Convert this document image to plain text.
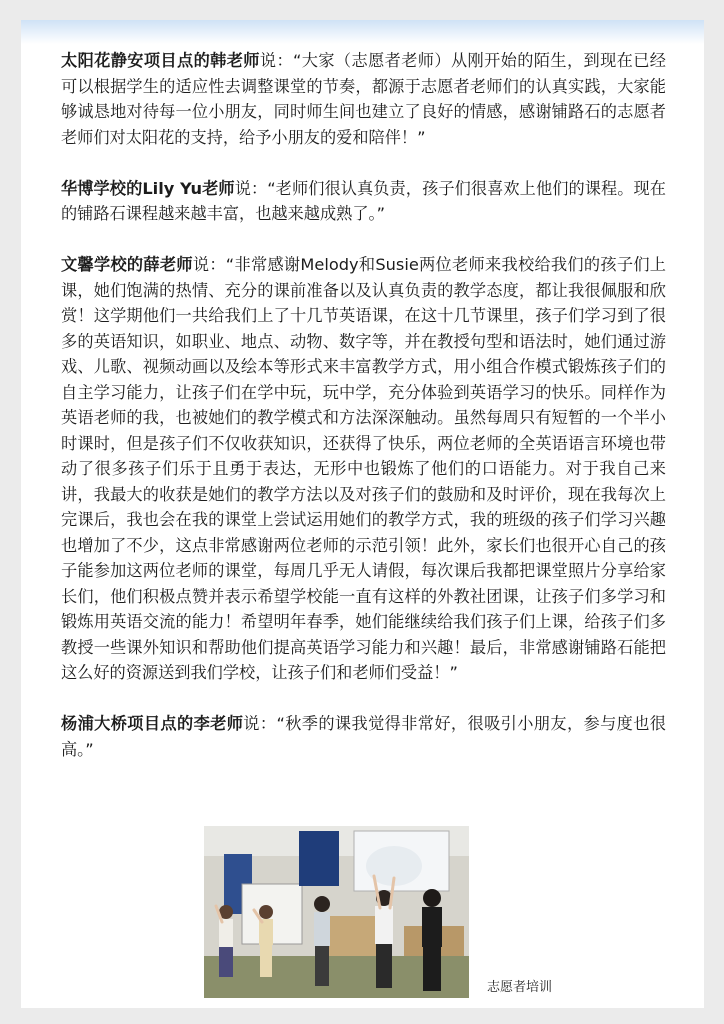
太阳花静安项目点的韩老师说：“大家（志愿者老师）从刚开始的陌生，到现在已经可以根据学生的适应性去调整课堂的节奏，都源于志愿者老师们的认真实践，大家能够诚恳地对待每一位小朋友，同时师生间也建立了良好的情感，感谢铺路石的志愿者老师们对太阳花的支持，给予小朋友的爱和陪伴！”

华博学校的Lily Yu老师说：“老师们很认真负责，孩子们很喜欢上他们的课程。现在的铺路石课程越来越丰富，也越来越成熟了。”

文馨学校的薛老师说：“非常感谢Melody和Susie两位老师来我校给我们的孩子们上课，她们饱满的热情、充分的课前准备以及认真负责的教学态度，都让我很佩服和欣赏！这学期他们一共给我们上了十几节英语课，在这十几节课里，孩子们学习到了很多的英语知识，如职业、地点、动物、数字等，并在教授句型和语法时，她们通过游戏、儿歌、视频动画以及绘本等形式来丰富教学方式，用小组合作模式锻炼孩子们的自主学习能力，让孩子们在学中玩，玩中学，充分体验到英语学习的快乐。同样作为英语老师的我，也被她们的教学模式和方法深深触动。虽然每周只有短暂的一个半小时课时，但是孩子们不仅收获知识，还获得了快乐，两位老师的全英语语言环境也带动了很多孩子们乐于且勇于表达，无形中也锻炼了他们的口语能力。对于我自己来讲，我最大的收获是她们的教学方法以及对孩子们的鼓励和及时评价，现在我每次上完课后，我也会在我的课堂上尝试运用她们的教学方式，我的班级的孩子们学习兴趣也增加了不少，这点非常感谢两位老师的示范引领！此外，家长们也很开心自己的孩子能参加这两位老师的课堂，每周几乎无人请假，每次课后我都把课堂照片分享给家长们，他们积极点赞并表示希望学校能一直有这样的外教社团课，让孩子们多学习和锻炼用英语交流的能力！希望明年春季，她们能继续给我们孩子们上课，给孩子们多教授一些课外知识和帮助他们提高英语学习能力和兴趣！最后，非常感谢铺路石能把这么好的资源送到我们学校，让孩子们和老师们受益！”

杨浦大桥项目点的李老师说：“秋季的课我觉得非常好，很吸引小朋友，参与度也很高。”

志愿者培训
